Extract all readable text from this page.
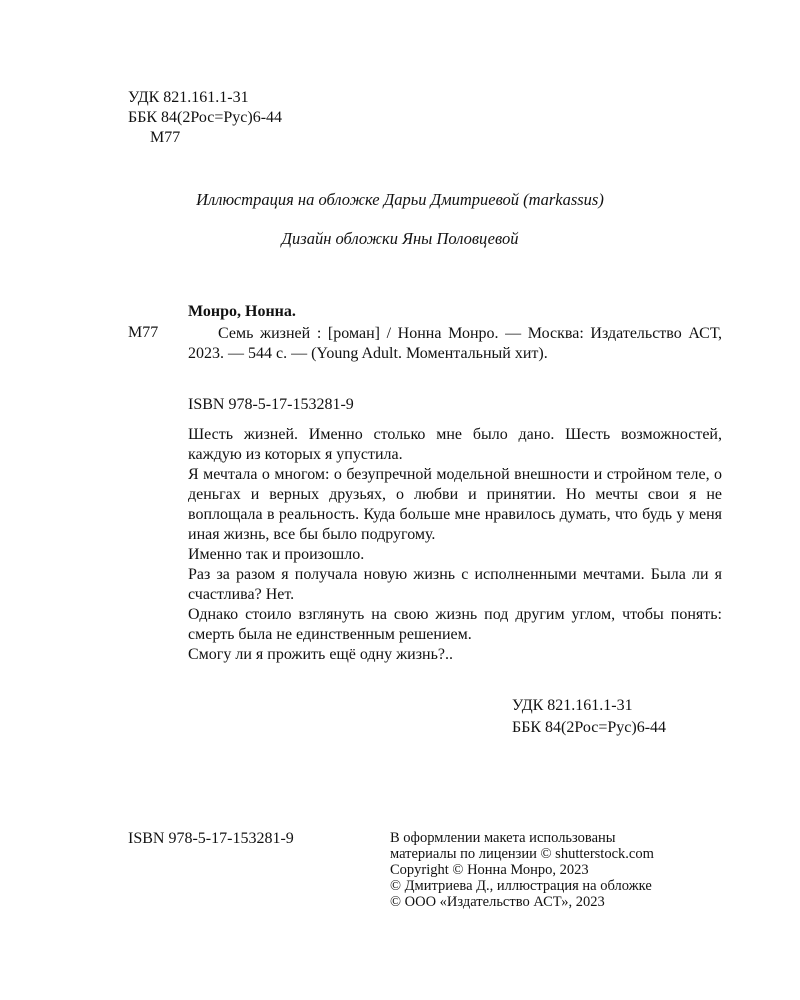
УДК 821.161.1-31
ББК 84(2Рос=Рус)6-44
М77
Иллюстрация на обложке Дарьи Дмитриевой (markassus)
Дизайн обложки Яны Половцевой
Монро, Нонна.
М77	Семь жизней : [роман] / Нонна Монро. — Москва: Издательство АСТ, 2023. — 544 с. — (Young Adult. Моментальный хит).
ISBN 978-5-17-153281-9

Шесть жизней. Именно столько мне было дано. Шесть возможностей, каждую из которых я упустила.

Я мечтала о многом: о безупречной модельной внешности и стройном теле, о деньгах и верных друзьях, о любви и принятии. Но мечты свои я не воплощала в реальность. Куда больше мне нравилось думать, что будь у меня иная жизнь, все бы было подругому.

Именно так и произошло.

Раз за разом я получала новую жизнь с исполненными мечтами. Была ли я счастлива? Нет.

Однако стоило взглянуть на свою жизнь под другим углом, чтобы понять: смерть была не единственным решением.

Смогу ли я прожить ещё одну жизнь?..

УДК 821.161.1-31
ББК 84(2Рос=Рус)6-44
ISBN 978-5-17-153281-9	В оформлении макета использованы
материалы по лицензии © shutterstock.com
Copyright © Нонна Монро, 2023
© Дмитриева Д., иллюстрация на обложке
© ООО «Издательство АСТ», 2023
